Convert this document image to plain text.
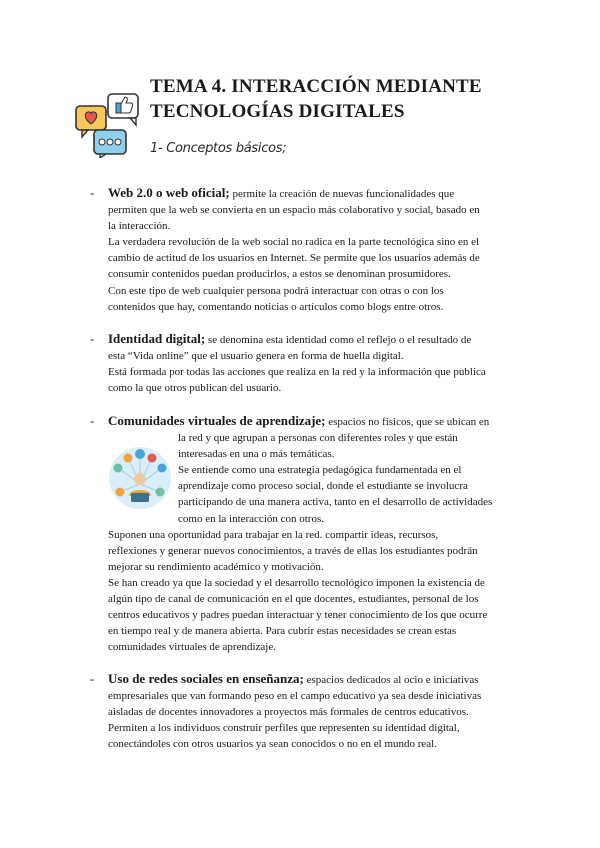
TEMA 4. INTERACCIÓN MEDIANTE
TECNOLOGÍAS DIGITALES
1- Conceptos básicos;
- Web 2.0 o web oficial; permite la creación de nuevas funcionalidades que

permiten que la web se convierta en un espacio más colaborativo y social, basado en

la interacción.

La verdadera revolución de la web social no radica en la parte tecnológica sino en el

cambio de actitud de los usuarios en Internet. Se permite que los usuarios además de

consumir contenidos puedan producirlos, a estos se denominan prosumidores.

Con este tipo de web cualquier persona podrá interactuar con otras o con los

contenidos que hay, comentando noticias o artículos como blogs entre otros.

- Identidad digital; se denomina esta identidad como el reflejo o el resultado de

esta “Vida online” que el usuario genera en forma de huella digital.

Está formada por todas las acciones que realiza en la red y la información que publica

como la que otros publican del usuario.

- Comunidades virtuales de aprendizaje; espacios no físicos, que se ubican en

la red y que agrupan a personas con diferentes roles y que están

interesadas en una o más temáticas.

Se entiende como una estrategia pedagógica fundamentada en el

aprendizaje como proceso social, donde el estudiante se involucra

participando de una manera activa, tanto en el desarrollo de actividades

como en la interacción con otros.

Suponen una oportunidad para trabajar en la red. compartir ideas, recursos,

reflexiones y generar nuevos conocimientos, a través de ellas los estudiantes podrán

mejorar su rendimiento académico y motivación.

Se han creado ya que la sociedad y el desarrollo tecnológico imponen la existencia de

algún tipo de canal de comunicación en el que docentes, estudiantes, personal de los

centros educativos y padres puedan interactuar y tener conocimiento de los que ocurre

en tiempo real y de manera abierta. Para cubrir estas necesidades se crean estas

comunidades virtuales de aprendizaje.

- Uso de redes sociales en enseñanza; espacios dedicados al ocio e iniciativas

empresariales que van formando peso en el campo educativo ya sea desde iniciativas

aisladas de docentes innovadores a proyectos más formales de centros educativos.

Permiten a los individuos construir perfiles que representen su identidad digital,

conectándoles con otros usuarios ya sean conocidos o no en el mundo real.
